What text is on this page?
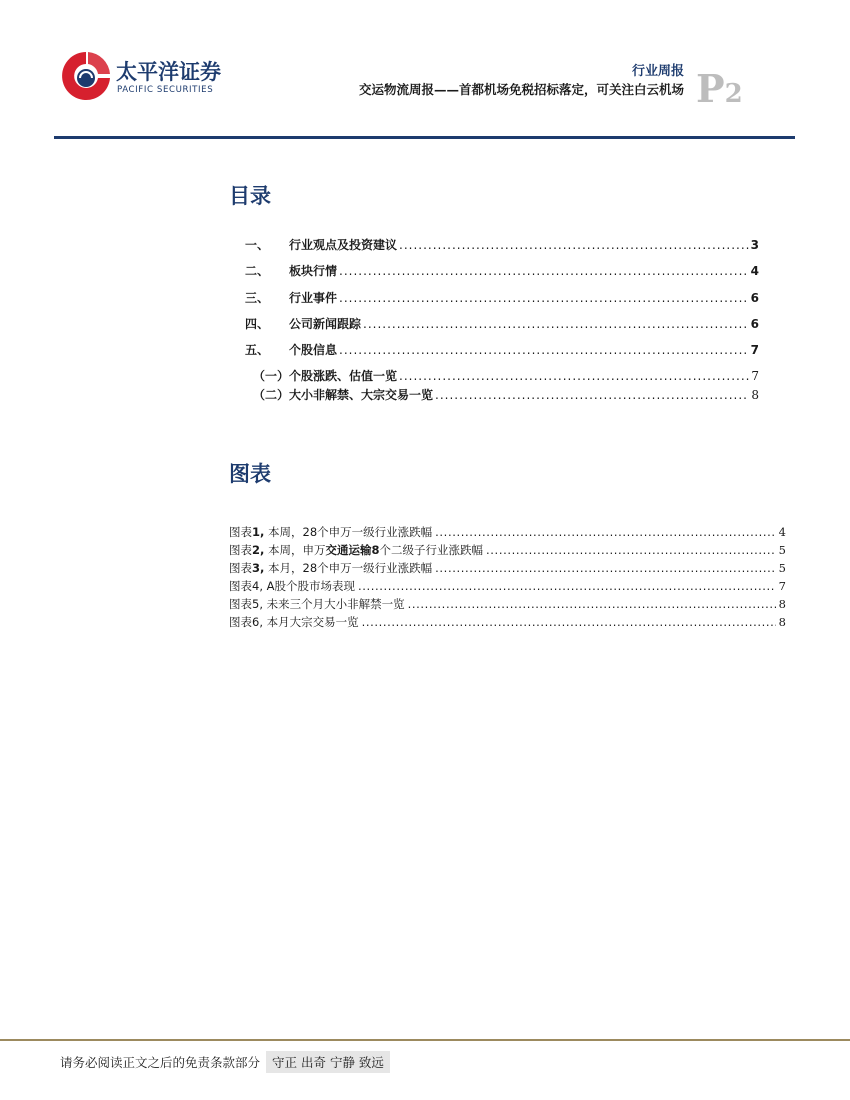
太平洋证券
PACIFIC SECURITIES
行业周报
交运物流周报——首都机场免税招标落定，可关注白云机场 P2
目录
一、	行业观点及投资建议 .....	3
二、	板块行情 .....	4
三、	行业事件 .....	6
四、	公司新闻跟踪 .....	6
五、	个股信息 .....	7
（一）个股涨跌、估值一览 .....	7
（二）大小非解禁、大宗交易一览 .....	8
图表
图表1, 本周，28个申万一级行业涨跌幅 .....	4
图表2, 本周，申万交通运输8个二级子行业涨跌幅 .....	5
图表3, 本月，28个申万一级行业涨跌幅 .....	5
图表4, A股个股市场表现 .....	7
图表5, 未来三个月大小非解禁一览 .....	8
图表6, 本月大宗交易一览 .....	8
请务必阅读正文之后的免责条款部分 守正 出奇 宁静 致远
